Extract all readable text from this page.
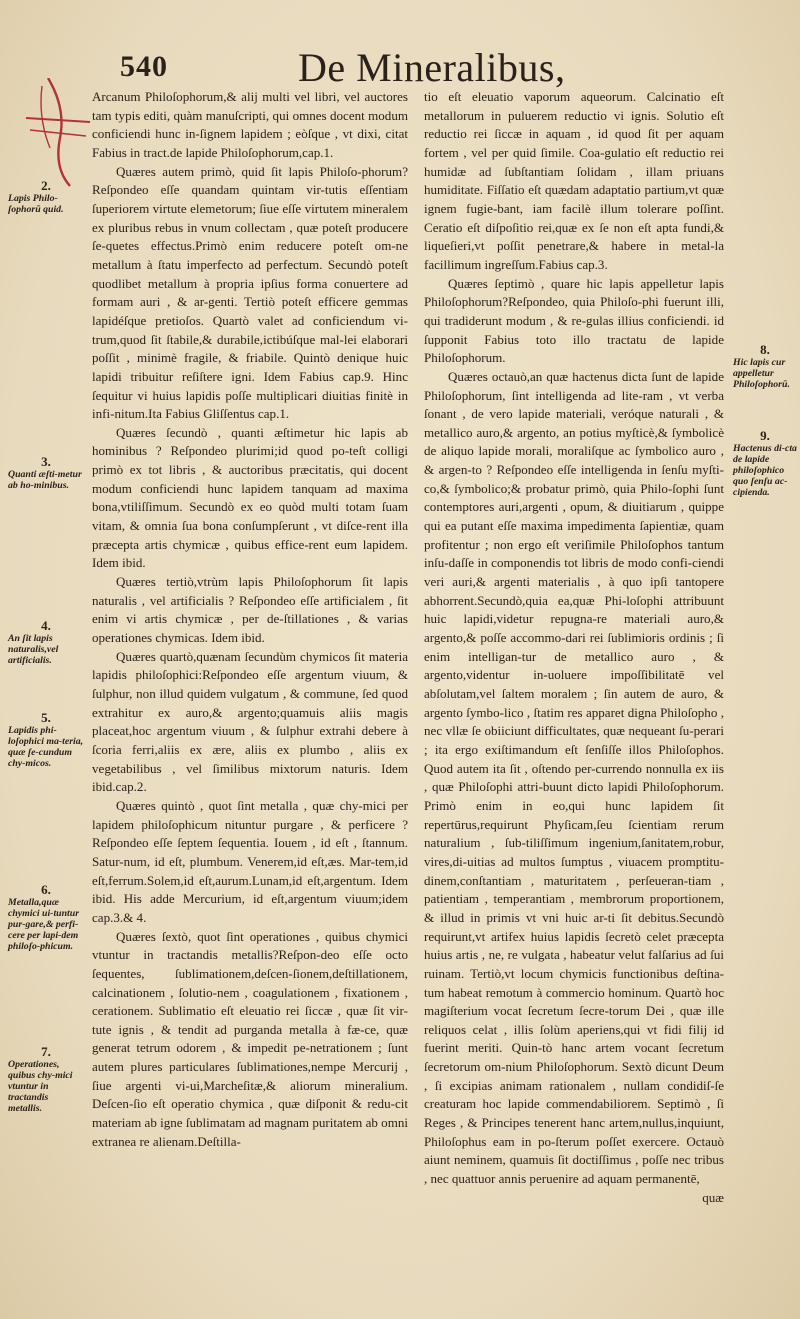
540	De Mineralibus,

Arcanum Philoſophorum,& alij multi vel libri, vel auctores tam typis editi, quàm manuſcripti, qui omnes docent modum conficiendi hunc in-ſignem lapidem ; eòſque , vt dixi, citat Fabius in tract.de lapide Philoſophorum,cap.1.

Quæres autem primò, quid ſit lapis Philoſo-phorum? Reſpondeo eſſe quandam quintam vir-tutis eſſentiam ſuperiorem virtute elemetorum; ſiue eſſe virtutem mineralem ex pluribus rebus in vnum collectam , quæ poteſt producere ſe-quetes effectus.Primò enim reducere poteſt om-ne metallum à ſtatu imperfecto ad perfectum. Secundò poteſt quodlibet metallum à propria ipſius forma conuertere ad formam auri , & ar-genti. Tertiò poteſt efficere gemmas lapidéſque pretioſos. Quartò valet ad conficiendum vi-trum,quod ſit ſtabile,& durabile,ictibúſque mal-lei elaborari poſſit , minimè fragile, & friabile. Quintò denique huic lapidi tribuitur reſiſtere igni. Idem Fabius cap.9. Hinc ſequitur vi huius lapidis poſſe multiplicari diuitias finitè in infi-nitum.Ita Fabius Gliſſentus cap.1.

Quæres ſecundò , quanti æſtimetur hic lapis ab hominibus ? Reſpondeo plurimi;id quod po-teſt colligi primò ex tot libris , & auctoribus præcitatis, qui docent modum conficiendi hunc lapidem tanquam ad maxima bona,vtiliſſimum. Secundò ex eo quòd multi totam ſuam vitam, & omnia ſua bona conſumpſerunt , vt diſce-rent illa præcepta artis chymicæ , quibus effice-rent eum lapidem. Idem ibid.

Quæres tertiò,vtrùm lapis Philoſophorum ſit lapis naturalis , vel artificialis ? Reſpondeo eſſe artificialem , ſit enim vi artis chymicæ , per de-ſtillationes , & varias operationes chymicas. Idem ibid.

Quæres quartò,quænam ſecundùm chymicos ſit materia lapidis philoſophici:Reſpondeo eſſe argentum viuum, & ſulphur, non illud quidem vulgatum , & commune, ſed quod extrahitur ex auro,& argento;quamuis aliis magis placeat,hoc argentum viuum , & ſulphur extrahi debere à ſcoria ferri,aliis ex ære, aliis ex plumbo , aliis ex vegetabilibus , vel ſimilibus mixtorum naturis. Idem ibid.cap.2.

Quæres quintò , quot ſint metalla , quæ chy-mici per lapidem philoſophicum nituntur purgare , & perficere ? Reſpondeo eſſe ſeptem ſequentia. Iouem , id eſt , ſtannum. Satur-num, id eſt, plumbum. Venerem,id eſt,æs. Mar-tem,id eſt,ferrum.Solem,id eſt,aurum.Lunam,id eſt,argentum. Idem ibid. His adde Mercurium, id eſt,argentum viuum;idem cap.3.& 4.

Quæres ſextò, quot ſint operationes , quibus chymici vtuntur in tractandis metallis?Reſpon-deo eſſe octo ſequentes, ſublimationem,deſcen-ſionem,deſtillationem, calcinationem , ſolutio-nem , coagulationem , fixationem , cerationem. Sublimatio eſt eleuatio rei ſiccæ , quæ ſit vir-tute ignis , & tendit ad purganda metalla à fæ-ce, quæ generat tetrum odorem , & impedit pe-netrationem ; ſunt autem plures particulares ſublimationes,nempe Mercurij , ſiue argenti vi-ui,Marcheſitæ,& aliorum mineralium. Deſcen-ſio eſt operatio chymica , quæ diſponit & redu-cit materiam ab igne ſublimatam ad magnam puritatem ab omni extranea re alienam.Deſtilla-

tio eſt eleuatio vaporum aqueorum. Calcinatio eſt metallorum in puluerem reductio vi ignis. Solutio eſt reductio rei ſiccæ in aquam , id quod ſit per aquam fortem , vel per quid ſimile. Coa-gulatio eſt reductio rei humidæ ad ſubſtantiam ſolidam , illam priuans humiditate. Fiſſatio eſt quædam adaptatio partium,vt quæ ignem fugie-bant, iam facilè illum tolerare poſſint. Ceratio eſt diſpoſitio rei,quæ ex ſe non eſt apta fundi,& liqueſieri,vt poſſit penetrare,& habere in metal-la facillimum ingreſſum.Fabius cap.3.

Quæres ſeptimò , quare hic lapis appelletur lapis Philoſophorum?Reſpondeo, quia Philoſo-phi fuerunt illi, qui tradiderunt modum , & re-gulas illius conficiendi. id ſupponit Fabius toto illo tractatu de lapide Philoſophorum.

Quæres octauò,an quæ hactenus dicta ſunt de lapide Philoſophorum, ſint intelligenda ad lite-ram , vt verba ſonant , de vero lapide materiali, veróque naturali , & metallico auro,& argento, an potius myſticè,& ſymbolicè de aliquo lapide morali, moraliſque ac ſymbolico auro , & argen-to ? Reſpondeo eſſe intelligenda in ſenſu myſti-co,& ſymbolico;& probatur primò, quia Philo-ſophi ſunt contemptores auri,argenti , opum, & diuitiarum , quippe qui ea putant eſſe maxima impedimenta ſapientiæ, quam profitentur ; non ergo eſt veriſimile Philoſophos tantum inſu-daſſe in componendis tot libris de modo confi-ciendi veri auri,& argenti materialis , à quo ipſi tantopere abhorrent.Secundò,quia ea,quæ Phi-loſophi attribuunt huic lapidi,videtur repugna-re materiali auro,& argento,& poſſe accommo-dari rei ſublimioris ordinis ; ſi enim intelligan-tur de metallico auro , & argento,videntur in-uoluere impoſſibilitatē vel abſolutam,vel ſaltem moralem ; ſin autem de auro, & argento ſymbo-lico , ſtatim res apparet digna Philoſopho , nec vllæ ſe obiiciunt difficultates, quæ nequeant ſu-perari ; ita ergo exiſtimandum eſt ſenſiſſe illos Philoſophos. Quod autem ita ſit , oſtendo per-currendo nonnulla ex iis , quæ Philoſophi attri-buunt dicto lapidi Philoſophorum. Primò enim in eo,qui hunc lapidem ſit repertūrus,requirunt Phyſicam,ſeu ſcientiam rerum naturalium , ſub-tiliſſimum ingenium,ſanitatem,robur, vires,di-uitias ad multos ſumptus , viuacem promptitu-dinem,conſtantiam , maturitatem , perſeueran-tiam , patientiam , temperantiam , membrorum proportionem, & illud in primis vt vni huic ar-ti ſit debitus.Secundò requirunt,vt artifex huius lapidis ſecretò celet præcepta huius artis , ne, re vulgata , habeatur velut falſarius ad ſui ruinam. Tertiò,vt locum chymicis functionibus deſtina-tum habeat remotum à commercio hominum. Quartò hoc magiſterium vocat ſecretum ſecre-torum Dei , quæ ille reliquos celat , illis ſolùm aperiens,qui vt fidi filij id fuerint meriti. Quin-tò hanc artem vocant ſecretum ſecretorum om-nium Philoſophorum. Sextò dicunt Deum , ſi excipias animam rationalem , nullam condidiſ-ſe creaturam hoc lapide commendabiliorem. Septimò , ſi Reges , & Principes tenerent hanc artem,nullus,inquiunt, Philoſophus eam in po-ſterum poſſet exercere. Octauò aiunt neminem, quamuis ſit doctiſſimus , poſſe nec tribus , nec quattuor annis peruenire ad aquam permanentē,

quæ

2.
Lapis Philo-ſophorū quid.
3.
Quanti æſti-metur ab ho-minibus.
4.
An ſit lapis naturalis,vel artificialis.
5.
Lapidis phi-loſophici ma-teria, quæ ſe-cundum chy-micos.
6.
Metalla,quæ chymici ui-tuntur pur-gare,& perfi-cere per lapi-dem philoſo-phicum.
7.
Operationes, quibus chy-mici vtuntur in tractandis metallis.
8.
Hic lapis cur appelletur Philoſophorū.
9.
Hactenus di-cta de lapide philoſophico quo ſenſu ac-cipienda.
